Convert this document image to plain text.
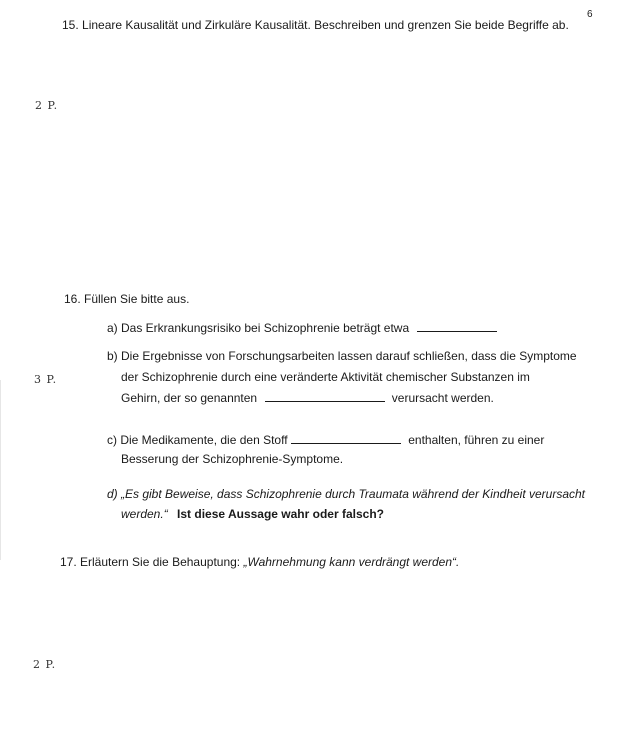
6
15. Lineare Kausalität und Zirkuläre Kausalität. Beschreiben und grenzen Sie beide Begriffe ab.
2 P.
16. Füllen Sie bitte aus.
a) Das Erkrankungsrisiko bei Schizophrenie beträgt etwa
b) Die Ergebnisse von Forschungsarbeiten lassen darauf schließen, dass die Symptome
3 P.	der Schizophrenie durch eine veränderte Aktivität chemischer Substanzen im
Gehirn, der so genannten	verursacht werden.
c) Die Medikamente, die den Stoff	enthalten, führen zu einer
Besserung der Schizophrenie-Symptome.
d) „Es gibt Beweise, dass Schizophrenie durch Traumata während der Kindheit verursacht
werden.“ Ist diese Aussage wahr oder falsch?
17. Erläutern Sie die Behauptung: „Wahrnehmung kann verdrängt werden“.
2 P.
